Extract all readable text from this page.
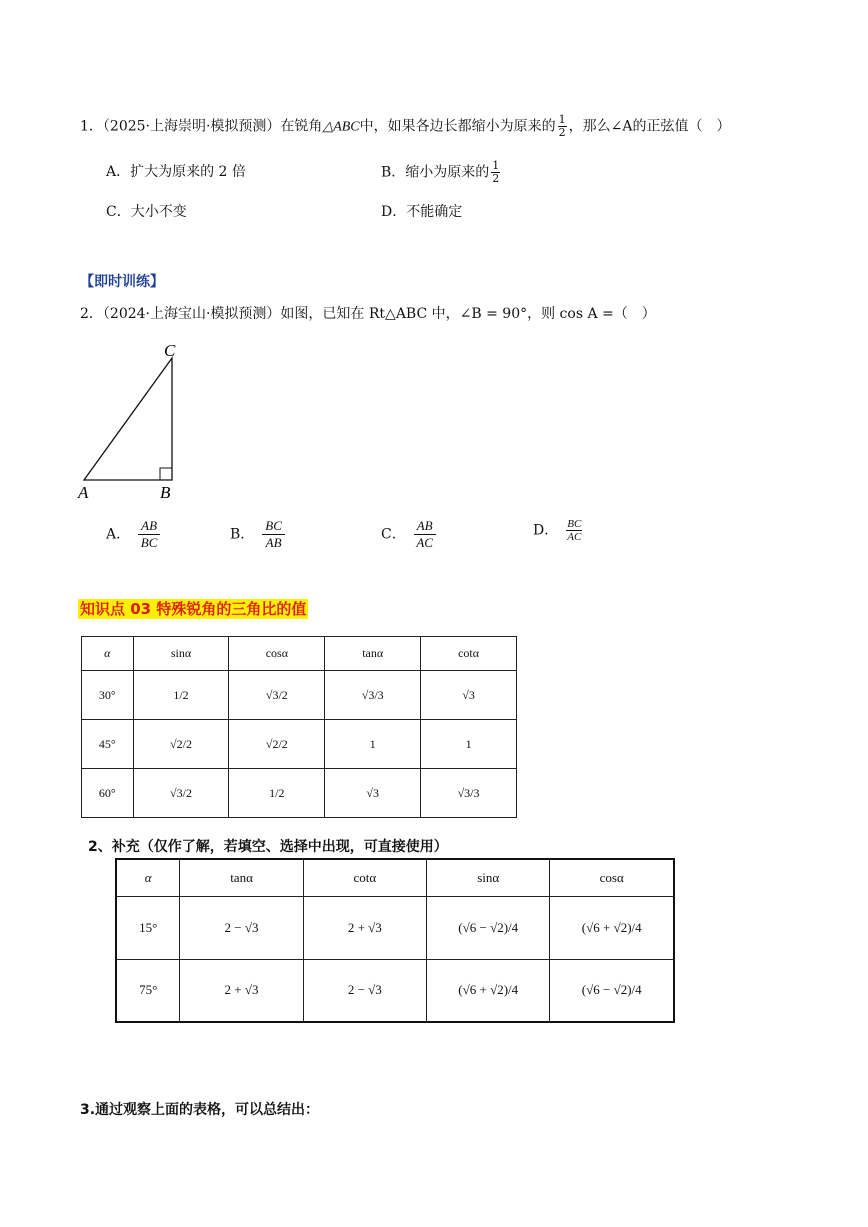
1．（2025·上海崇明·模拟预测）在锐角△ABC中，如果各边长都缩小为原来的 $\frac{1}{2}$ ，那么∠A的正弦值（　）
A．扩大为原来的 2 倍	B．缩小为原来的 $\frac{1}{2}$
C．大小不变	D．不能确定
【即时训练】
2．（2024·上海宝山·模拟预测）如图，已知在 Rt△ABC 中，∠B = 90°，则 cos A =（　）
C
A	B
A． $\frac{AB}{BC}$	B． $\frac{BC}{AB}$	C． $\frac{AB}{AC}$	D． $\frac{BC}{AC}$
知识点 03 特殊锐角的三角比的值
α	sinα	cosα	tanα	cotα
30°	1/2	√3/2	√3/3	√3
45°	√2/2	√2/2	1	1
60°	√3/2	1/2	√3	√3/3
2、补充（仅作了解，若填空、选择中出现，可直接使用）
α	tanα	cotα	sinα	cosα
15°	2 − √3	2 + √3	(√6 − √2)/4	(√6 + √2)/4
75°	2 + √3	2 − √3	(√6 + √2)/4	(√6 − √2)/4
3.通过观察上面的表格，可以总结出：
